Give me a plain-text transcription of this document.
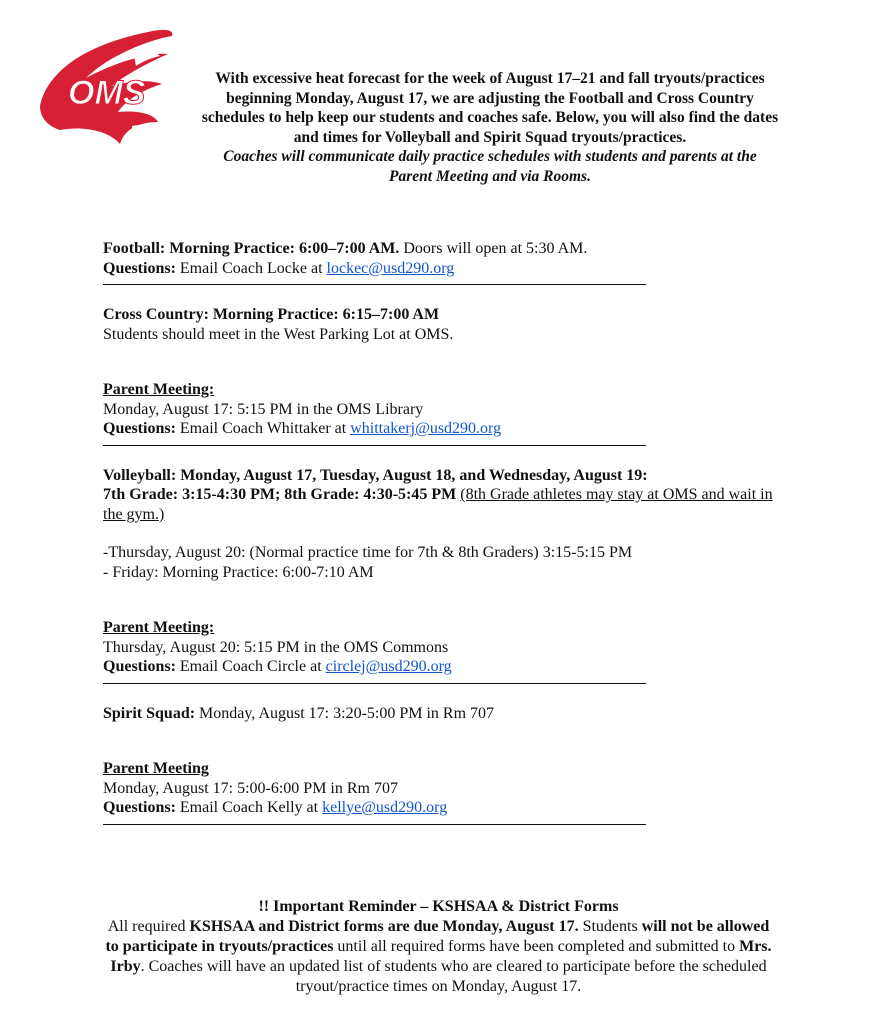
OMS	With excessive heat forecast for the week of August 17–21 and fall tryouts/practices beginning Monday, August 17, we are adjusting the Football and Cross Country schedules to help keep our students and coaches safe. Below, you will also find the dates and times for Volleyball and Spirit Squad tryouts/practices.
Coaches will communicate daily practice schedules with students and parents at the Parent Meeting and via Rooms.
Football: Morning Practice: 6:00–7:00 AM. Doors will open at 5:30 AM.
Questions: Email Coach Locke at lockec@usd290.org
Cross Country: Morning Practice: 6:15–7:00 AM
Students should meet in the West Parking Lot at OMS.
Parent Meeting:
Monday, August 17: 5:15 PM in the OMS Library
Questions: Email Coach Whittaker at whittakerj@usd290.org
Volleyball: Monday, August 17, Tuesday, August 18, and Wednesday, August 19:
7th Grade: 3:15-4:30 PM; 8th Grade: 4:30-5:45 PM (8th Grade athletes may stay at OMS and wait in the gym.)
-Thursday, August 20: (Normal practice time for 7th & 8th Graders) 3:15-5:15 PM
- Friday: Morning Practice: 6:00-7:10 AM
Parent Meeting:
Thursday, August 20: 5:15 PM in the OMS Commons
Questions: Email Coach Circle at circlej@usd290.org
Spirit Squad: Monday, August 17: 3:20-5:00 PM in Rm 707
Parent Meeting
Monday, August 17: 5:00-6:00 PM in Rm 707
Questions: Email Coach Kelly at kellye@usd290.org
!! Important Reminder – KSHSAA & District Forms
All required KSHSAA and District forms are due Monday, August 17. Students will not be allowed to participate in tryouts/practices until all required forms have been completed and submitted to Mrs. Irby. Coaches will have an updated list of students who are cleared to participate before the scheduled tryout/practice times on Monday, August 17.
